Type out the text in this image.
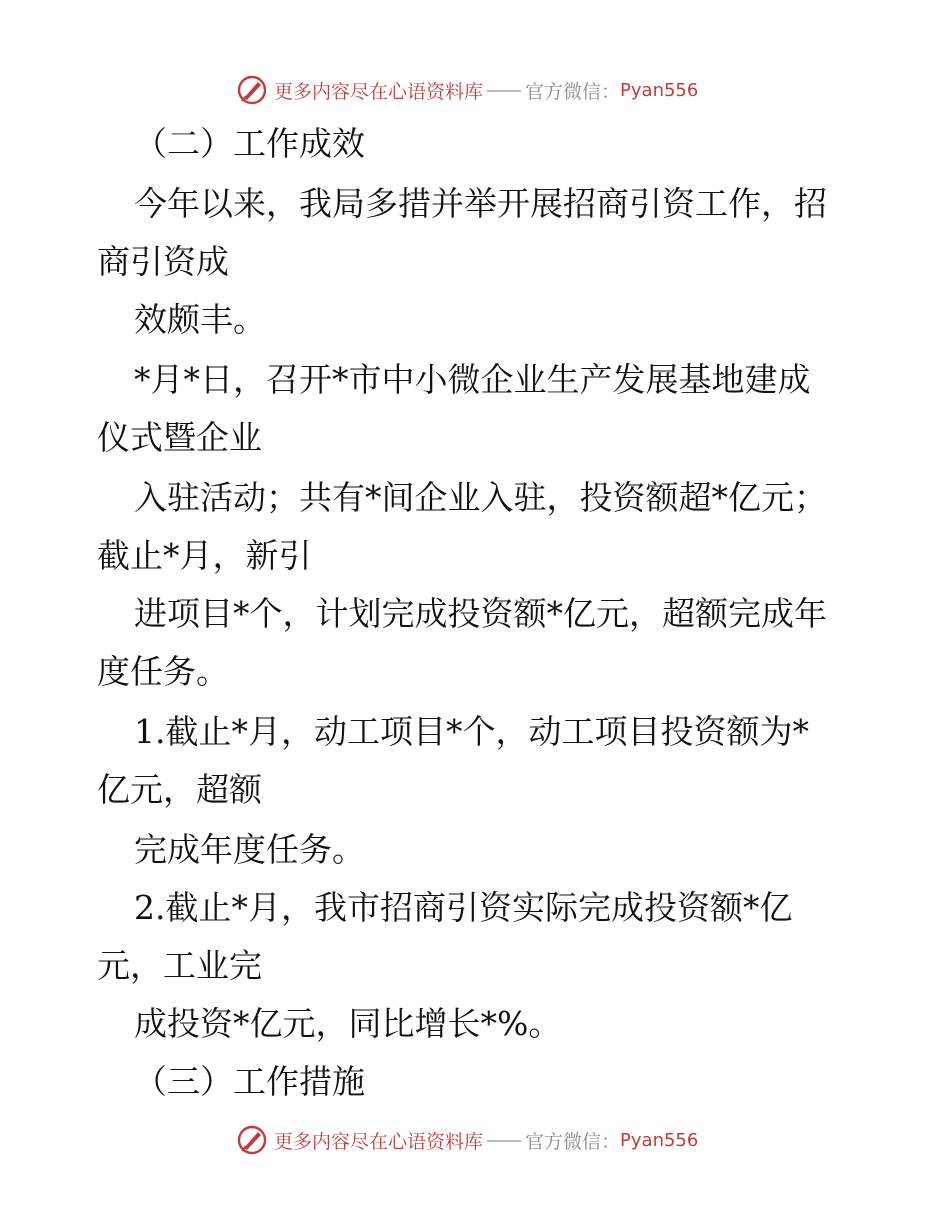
更多内容尽在心语资料库 官方微信： Pyan556
（二）工作成效
今年以来，我局多措并举开展招商引资工作，招
商引资成
效颇丰。
*月*日，召开*市中小微企业生产发展基地建成
仪式暨企业
入驻活动；共有*间企业入驻，投资额超*亿元；
截止*月，新引
进项目*个，计划完成投资额*亿元，超额完成年
度任务。
1.截止*月，动工项目*个，动工项目投资额为*
亿元，超额
完成年度任务。
2.截止*月，我市招商引资实际完成投资额*亿
元，工业完
成投资*亿元，同比增长*%。
（三）工作措施
更多内容尽在心语资料库 官方微信： Pyan556
